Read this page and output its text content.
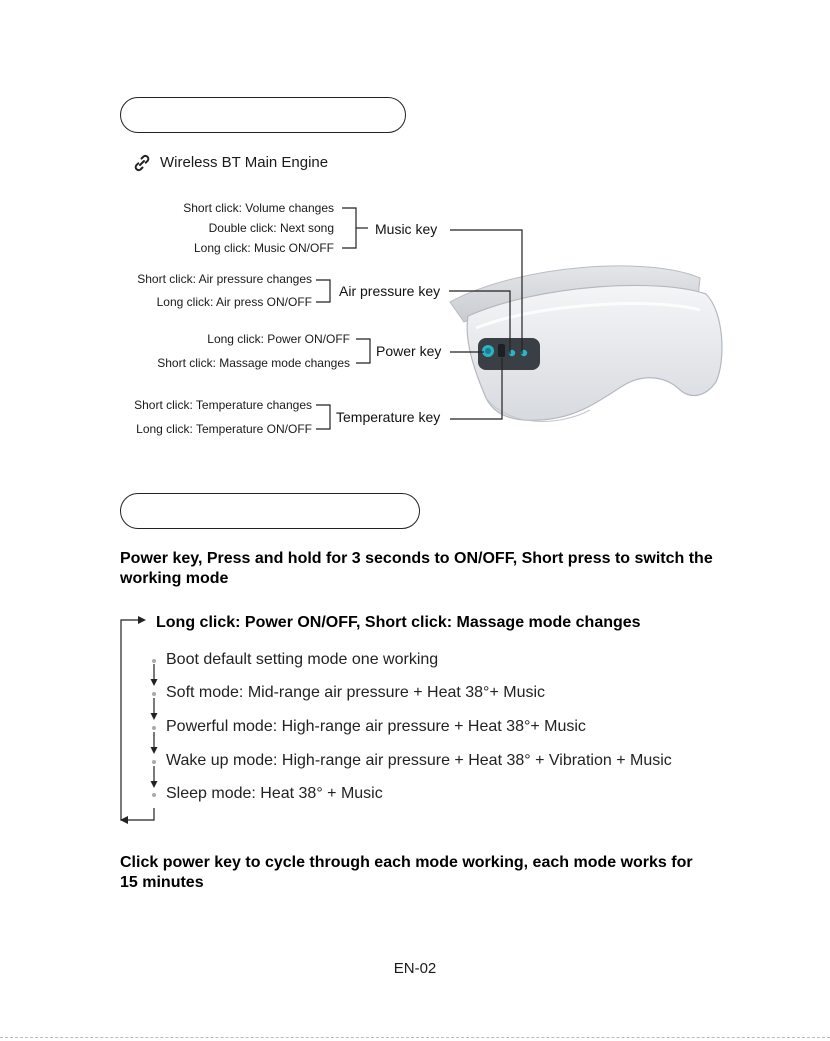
Wireless BT Main Engine
Short click: Volume changes
Double click: Next song
Long click: Music ON/OFF
Music key
Short click: Air pressure changes
Long click: Air press ON/OFF
Air pressure key
Long click: Power ON/OFF
Short click: Massage mode changes
Power key
Short click: Temperature changes
Long click: Temperature ON/OFF
Temperature key
Power key, Press and hold for 3 seconds to ON/OFF, Short press to switch the working mode
Long click: Power ON/OFF, Short click: Massage mode changes
Boot default setting mode one working
Soft mode: Mid-range air pressure + Heat 38°+ Music
Powerful mode: High-range air pressure + Heat 38°+ Music
Wake up mode: High-range air pressure + Heat 38° + Vibration + Music
Sleep mode: Heat 38° + Music
Click power key to cycle through each mode working, each mode works for 15 minutes
EN-02
